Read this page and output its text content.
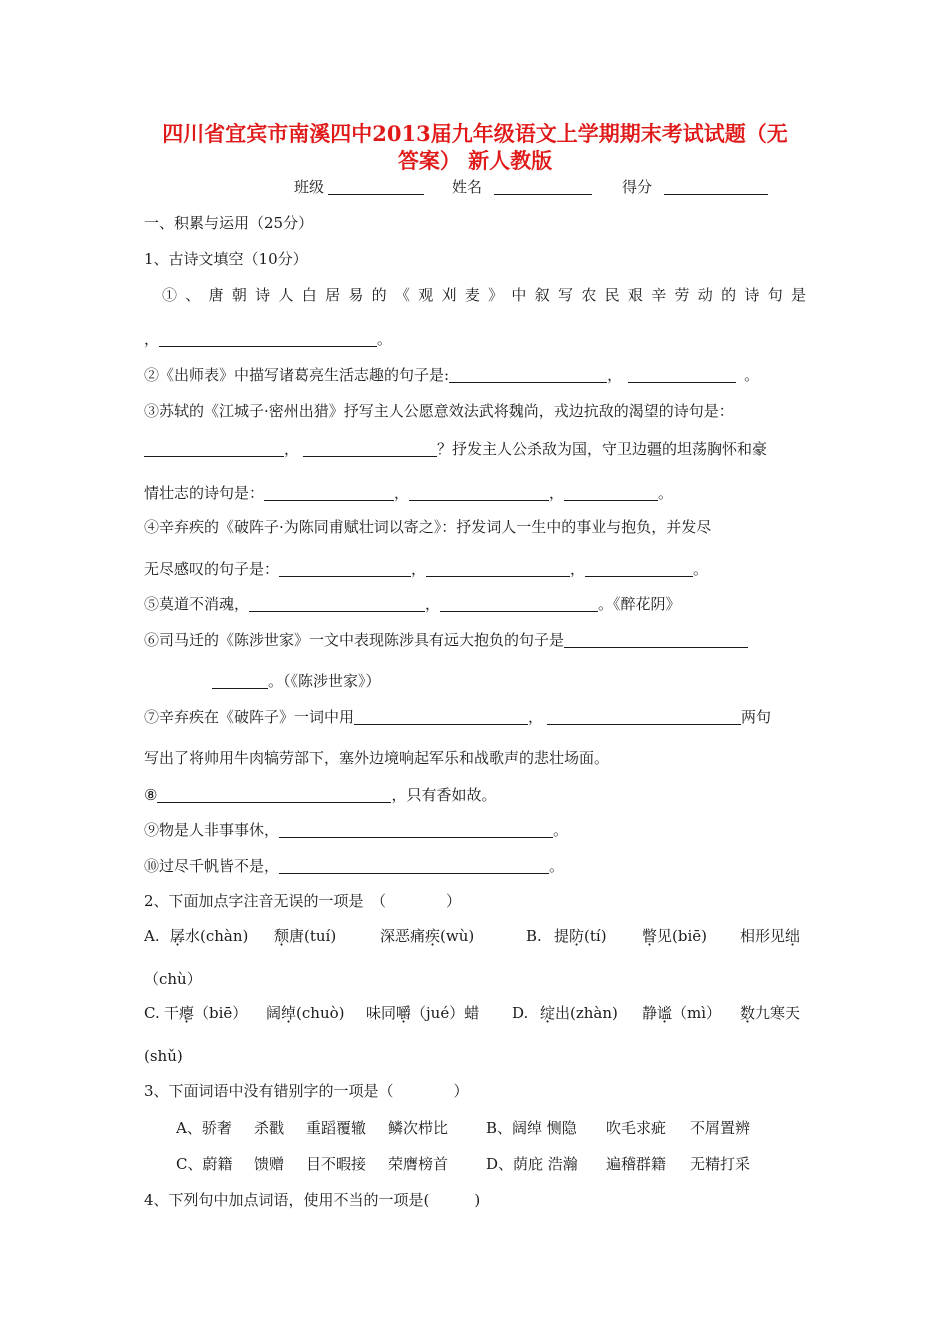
四川省宜宾市南溪四中2013届九年级语文上学期期末考试试题（无
答案） 新人教版
班级	姓名	得分
一、积累与运用（25分）
1、古诗文填空（10分）
①、唐朝诗人白居易的《观刈麦》中叙写农民艰辛劳动的诗句是
，	。
②《出师表》中描写诸葛亮生活志趣的句子是:	，	。
③苏轼的《江城子·密州出猎》抒写主人公愿意效法武将魏尚，戎边抗敌的渴望的诗句是：
，	？抒发主人公杀敌为国，守卫边疆的坦荡胸怀和豪
情壮志的诗句是：	，	，	。
④辛弃疾的《破阵子·为陈同甫赋壮词以寄之》：抒发词人一生中的事业与抱负，并发尽
无尽感叹的句子是：	，	，	。
⑤莫道不消魂，	，	。《醉花阴》
⑥司马迁的《陈涉世家》一文中表现陈涉具有远大抱负的句子是
。（《陈涉世家》）
⑦辛弃疾在《破阵子》一词中用	，	两句
写出了将帅用牛肉犒劳部下，塞外边境响起军乐和战歌声的悲壮场面。
⑧	，只有香如故。
⑨物是人非事事休，	。
⑩过尽千帆皆不是，	。
2、下面加点字注音无误的一项是　（　　　　）
A. 孱水(chàn) 颓唐(tuí)	深恶痛疾(wù)	B. 提防(tí) 瞥见(biē) 相形见绌
（chù）
C. 干瘪（biē） 阔绰(chuò) 味同嚼（jué）蜡 D. 绽出(zhàn) 静谧（mì） 数九寒天
(shǔ)
3、下面词语中没有错别字的一项是（　　　　）
A、骄奢 杀戳 重蹈覆辙 鳞次栉比	B、阔绰 恻隐 吹毛求疵 不屑置辨
C、蔚籍 馈赠 目不暇接 荣膺榜首	D、荫庇 浩瀚 遍稽群籍 无精打采
4、下列句中加点词语，使用不当的一项是(　　　)
